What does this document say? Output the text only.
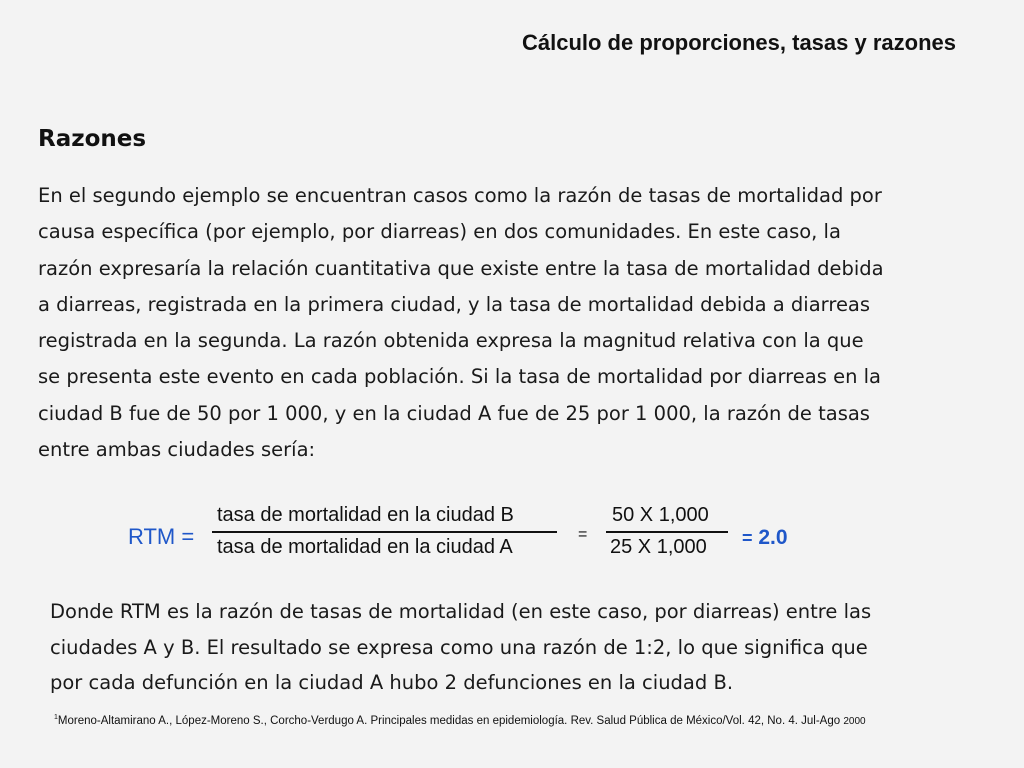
Cálculo de proporciones, tasas y razones
Razones
En el segundo ejemplo se encuentran casos como la razón de tasas de mortalidad por
causa específica (por ejemplo, por diarreas) en dos comunidades. En este caso, la
razón expresaría la relación cuantitativa que existe entre la tasa de mortalidad debida
a diarreas, registrada en la primera ciudad, y la tasa de mortalidad debida a diarreas
registrada en la segunda. La razón obtenida expresa la magnitud relativa con la que
se presenta este evento en cada población. Si la tasa de mortalidad por diarreas en la
ciudad B fue de 50 por 1 000, y en la ciudad A fue de 25 por 1 000, la razón de tasas
entre ambas ciudades sería:
RTM =
tasa de mortalidad en la ciudad B
tasa de mortalidad en la ciudad A
=
50 X 1,000
25 X 1,000 = 2.0
Donde RTM es la razón de tasas de mortalidad (en este caso, por diarreas) entre las
ciudades A y B. El resultado se expresa como una razón de 1:2, lo que significa que
por cada defunción en la ciudad A hubo 2 defunciones en la ciudad B.
$^1$Moreno-Altamirano A., López-Moreno S., Corcho-Verdugo A. Principales medidas en epidemiología. Rev. Salud Pública de México/Vol. 42, No. 4. Jul-Ago 2000
